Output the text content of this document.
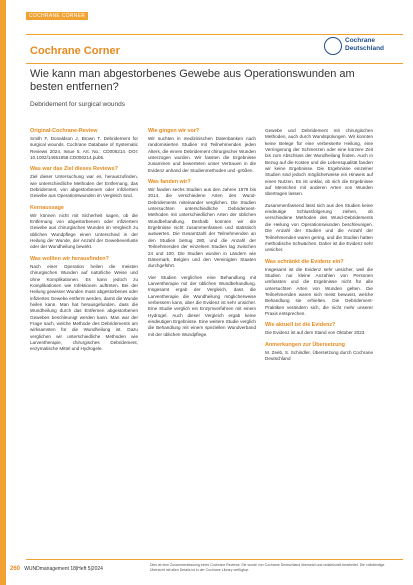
COCHRANE CORNER
Cochrane Corner
Cochrane
Deutschland
Wie kann man abgestorbenes Gewebe aus Operationswunden am besten entfernen?
Debridement for surgical wounds
Original-Cochrane-Review

Smith F, Donaldson J, Brown T. Debridement for surgical wounds. Cochrane Database of Systematic Reviews 2024, Issue 5. Art. No.: CD006214. DOI: 10.1002/14651858.CD006214.pub5.

Was war das Ziel dieses Reviews?

Ziel dieser Untersuchung war es, herauszufinden, wie unterschiedliche Methoden der Entfernung, das Debridement, von abgestorbenem oder infiziertem Gewebe aus Operationswunden im Vergleich sind.

Kernaussage

Wir können nicht mit Sicherheit sagen, ob die Entfernung von abgestorbenem oder infiziertem Gewebe aus chirurgischen Wunden im Vergleich zu üblichen Wundpflege einen Unterschied in der Heilung der Wunde, der Anzahl der Gewebeverluste oder der Wundheilung bewirkt.

Was wollten wir herausfinden?

Nach einer Operation heilen die meisten chirurgischen Wunden auf natürliche Weise und ohne Komplikationen. Es kann jedoch zu Komplikationen wie Infektionen auftreten. Bei der Heilung gewisser Wunden muss abgestorbenes oder infiziertes Gewebe entfernt werden, damit die Wunde heilen kann. Man hat herausgefunden, dass die Wundheilung durch das Entfernen abgestorbenen Gewebes beschleunigt werden kann. Man war der Frage nach, welche Methode des Debridements am wirksamsten für die Wundheilung ist. Dazu verglichen wir unterschiedliche Methoden wie Larventherapie, chirurgisches Debridement, enzymatische Mittel und Hydrogele.

Wie gingen wir vor?

Wir suchten in medizinischen Datenbanken nach randomisierten Studien mit Teilnehmenden jeden Alters, die einem Debridement chirurgischer Wunden unterzogen wurden. Wir fassten die Ergebnisse zusammen und bewerteten unser Vertrauen in die Evidenz anhand der Studienmethoden und -größen.

Was fanden wir?

Wir fanden sechs Studien aus den Jahren 1979 bis 2014, die verschiedene Arten des Wund-Debridements miteinander verglichen. Die Studien untersuchten unterschiedliche Debridement-Methoden mit unterschiedlichen Arten der üblichen Wundbehandlung. Deshalb konnten wir die Ergebnisse nicht zusammenfassen und statistisch auswerten. Die Gesamtzahl der Teilnehmenden an den Studien betrug 280, und die Anzahl der Teilnehmenden der einzelnen Studien lag zwischen 24 und 100. Die Studien wurden in Ländern wie Dänemark, Belgien und den Vereinigten Staaten durchgeführt.

Vier Studien verglichen eine Behandlung mit Larventherapie mit der üblichen Wundbehandlung. Insgesamt ergab der Vergleich, dass die Larventherapie die Wundheilung möglicherweise verbessern kann, aber die Evidenz ist sehr unsicher. Eine Studie verglich ein Enzymverfahren mit einem Hydrogel. Auch dieser Vergleich ergab keine eindeutigen Ergebnisse. Eine weitere Studie verglich die Behandlung mit einem speziellen Wundverband mit der üblichen Wundpflege.

Gewebe und Debridement mit chirurgischen Methoden, auch durch Wundspülungen. Wir konnten keine Belege für eine verbesserte Heilung, eine Verringerung der Schmerzen oder eine kürzere Zeit bis zum Abschluss der Wundheilung finden. Auch in Bezug auf die Kosten und die Lebensqualität fanden wir keine Ergebnisse. Die Ergebnisse einzelner Studien sind jedoch möglicherweise ein Hinweis auf einen Nutzen. Es ist unklar, ob sich die Ergebnisse auf Menschen mit anderen Arten von Wunden übertragen lassen.

Zusammenfassend lässt sich aus den Studien keine eindeutige Schlussfolgerung ziehen, ob verschiedene Methoden des Wund-Debridements die Heilung von Operationswunden beschleunigen. Die Anzahl der Studien und die Anzahl der Teilnehmenden waren gering, und die Studien hatten methodische Schwächen. Daher ist die Evidenz sehr unsicher.

Was schränkt die Evidenz ein?

Insgesamt ist die Evidenz sehr unsicher, weil die Studien nur kleine Anzahlen von Personen umfassten und die Ergebnisse nicht für alle untersuchten Arten von Wunden gelten. Die Teilnehmenden waren sich meist bewusst, welche Behandlung sie erhielten. Die Debridement-Praktiken verändern sich, die nicht mehr unserer Praxis entsprechen.

Wie aktuell ist die Evidenz?

Die Evidenz ist auf dem Stand von Oktober 2023.

Anmerkungen zur Übersetzung

M. Zeeb, S. Schindler, Übersetzung durch Cochrane Deutschland

260 WUNDmanagement 18|Heft 5|2024
Dies ist eine Zusammenfassung eines Cochrane Reviews. Sie wurde von Cochrane Deutschland übersetzt und redaktionell bearbeitet. Die vollständige Übersicht mit allen Details ist in der Cochrane Library verfügbar.
